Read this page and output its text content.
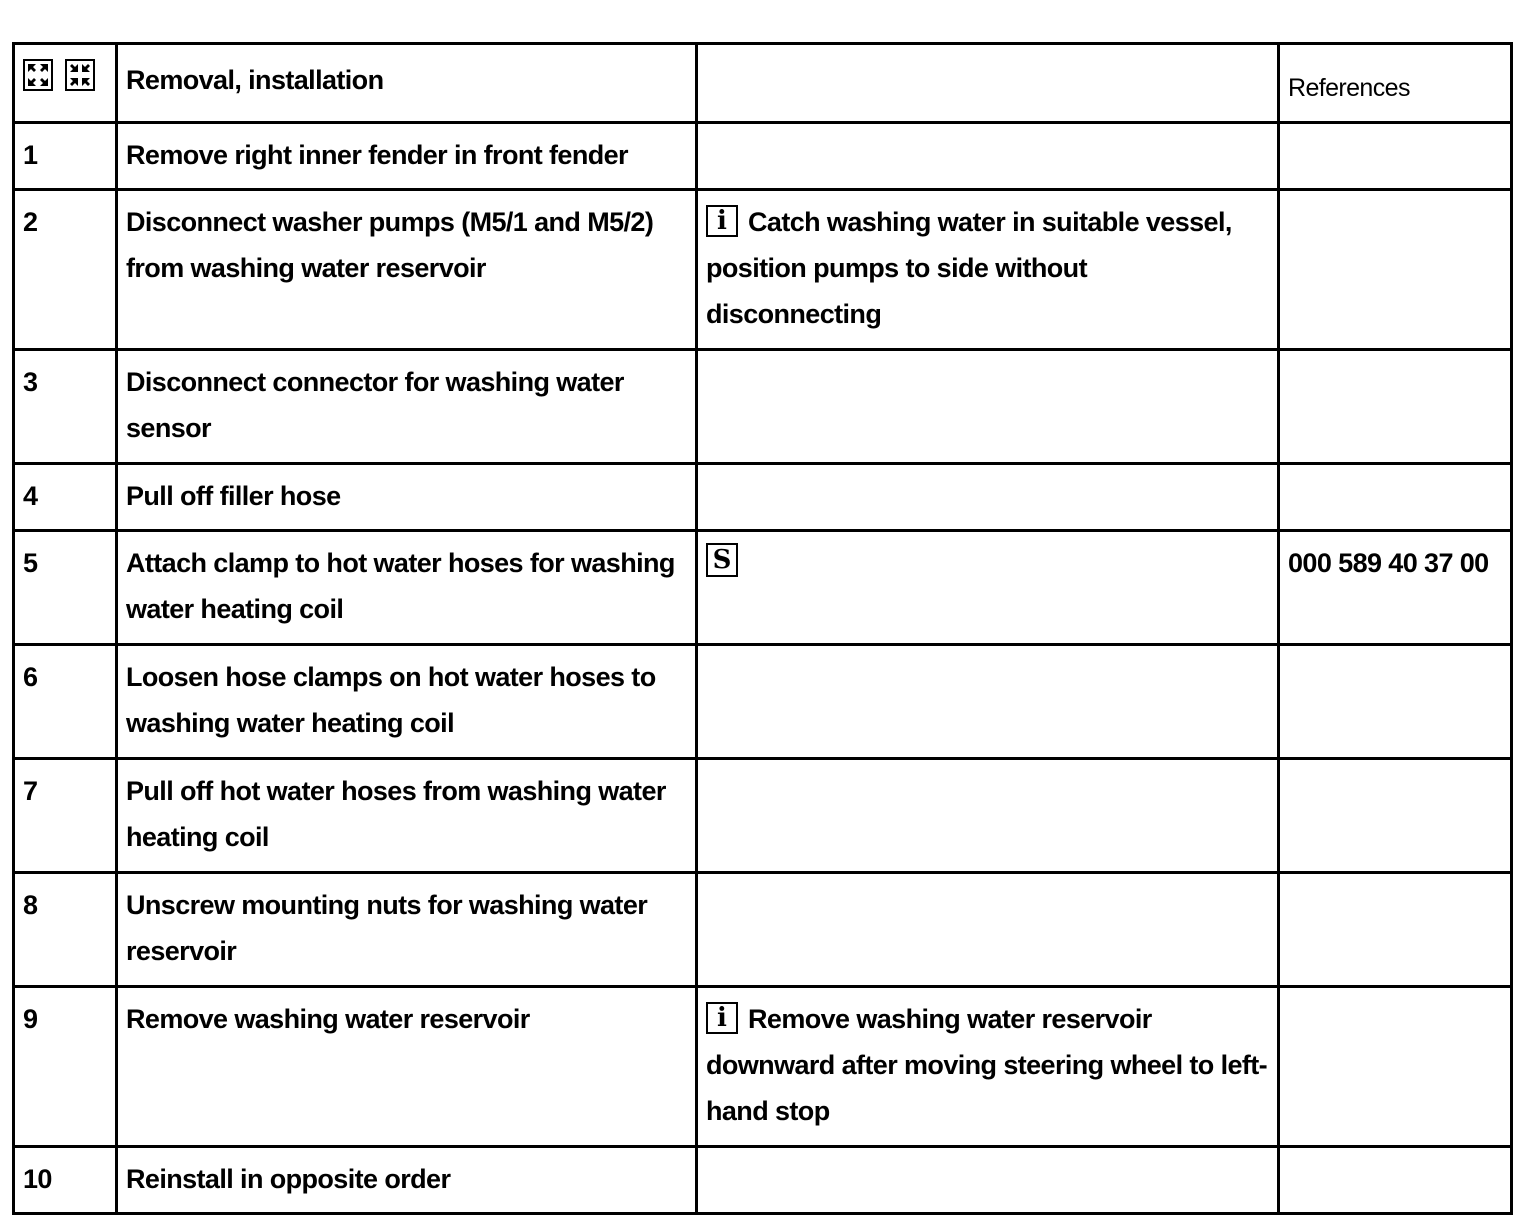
	Removal, installation		References
1	Remove right inner fender in front fender		
2	Disconnect washer pumps (M5/1 and M5/2) from washing water reservoir	i Catch washing water in suitable vessel, position pumps to side without disconnecting	
3	Disconnect connector for washing water sensor		
4	Pull off filler hose		
5	Attach clamp to hot water hoses for washing water heating coil	S	000 589 40 37 00
6	Loosen hose clamps on hot water hoses to washing water heating coil		
7	Pull off hot water hoses from washing water heating coil		
8	Unscrew mounting nuts for washing water reservoir		
9	Remove washing water reservoir	i Remove washing water reservoir downward after moving steering wheel to left-hand stop	
10	Reinstall in opposite order		
